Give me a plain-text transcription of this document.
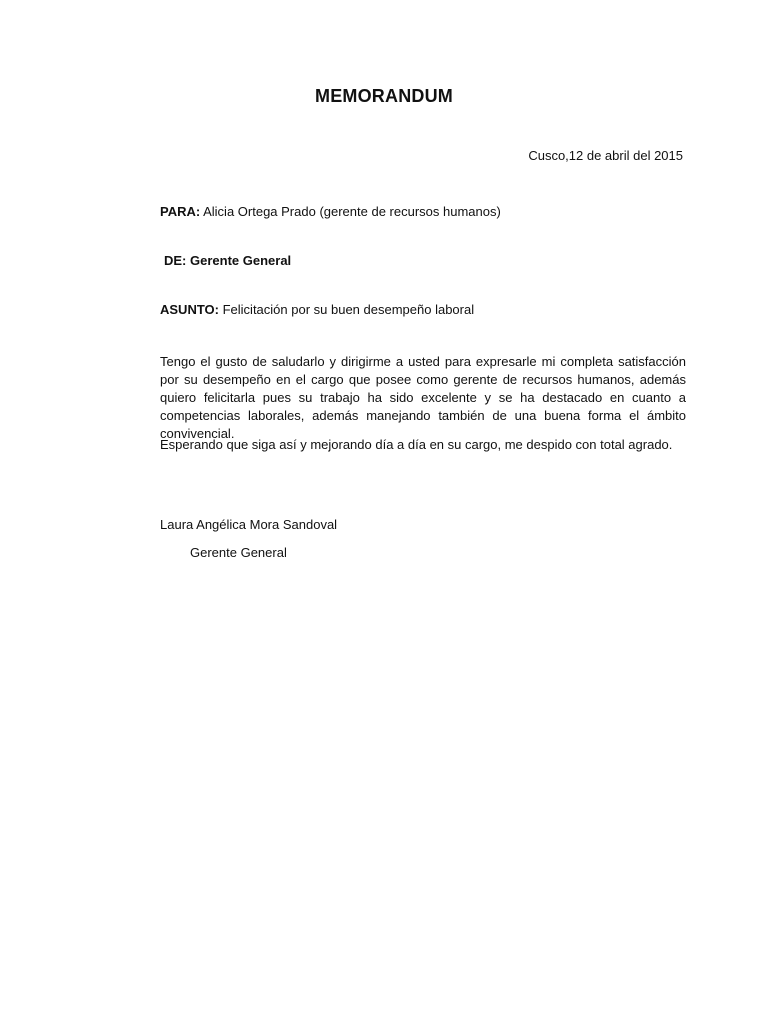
MEMORANDUM
Cusco,12 de abril del 2015
PARA: Alicia Ortega Prado (gerente de recursos humanos)
DE: Gerente General
ASUNTO: Felicitación por su buen desempeño laboral
Tengo el gusto de saludarlo y dirigirme a usted para expresarle mi completa satisfacción por su desempeño en el cargo que posee como gerente de recursos humanos, además quiero felicitarla pues su trabajo ha sido excelente y se ha destacado en cuanto a competencias laborales, además manejando también de una buena forma el ámbito convivencial.
Esperando que siga así y mejorando día a día en su cargo, me despido con total agrado.
Laura Angélica Mora Sandoval
Gerente General
